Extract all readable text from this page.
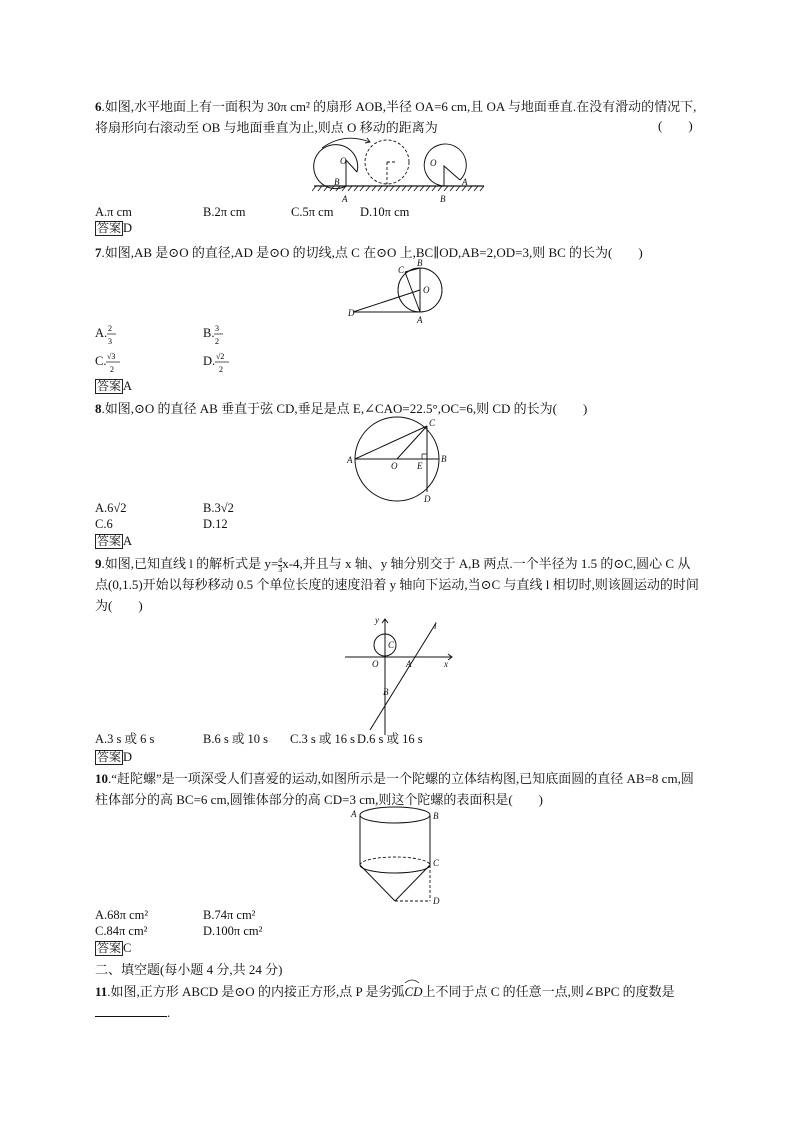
6.如图,水平地面上有一面积为 30π cm² 的扇形 AOB,半径 OA=6 cm,且 OA 与地面垂直.在没有滑动的情况下,将扇形向右滚动至 OB 与地面垂直为止,则点 O 移动的距离为	(　　)
O
B
A
O
B
A
A.π cm	B.2π cm	C.5π cm D.10π cm
答案 D
7.如图,AB 是⊙O 的直径,AD 是⊙O 的切线,点 C 在⊙O 上,BC∥OD,AB=2,OD=3,则 BC 的长为(　　)
B
C
O
D
A
A. 2
3
B. 3
2
C. √3
2
D. √2
2
答案 A
8.如图,⊙O 的直径 AB 垂直于弦 CD,垂足是点 E,∠CAO=22.5°,OC=6,则 CD 的长为(　　)
A
O E
B
C
D
A.6√2	B.3√2
C.6	D.12
答案 A
9.如图,已知直线 l 的解析式是 $y= \frac{4}{3} x-4$,并且与 x 轴、y 轴分别交于 A,B 两点.一个半径为 1.5 的⊙C,圆心 C 从点(0,1.5)开始以每秒移动 0.5 个单位长度的速度沿着 y 轴向下运动,当⊙C 与直线 l 相切时,则该圆运动的时间为(　　)
y
l
C
O	A	x
B
A.3 s 或 6 s	B.6 s 或 10 s C.3 s 或 16 s D.6 s 或 16 s
答案 D
10.“赶陀螺”是一项深受人们喜爱的运动,如图所示是一个陀螺的立体结构图,已知底面圆的直径 AB=8 cm,圆柱体部分的高 BC=6 cm,圆锥体部分的高 CD=3 cm,则这个陀螺的表面积是(　　)
A	B
C
D
A.68π cm²	B.74π cm²
C.84π cm²	D.100π cm²
答案 C
二、填空题(每小题 4 分,共 24 分)
11.如图,正方形 ABCD 是⊙O 的内接正方形,点 P 是劣弧
CD上不同于点 C 的任意一点,则∠BPC 的度数是.
